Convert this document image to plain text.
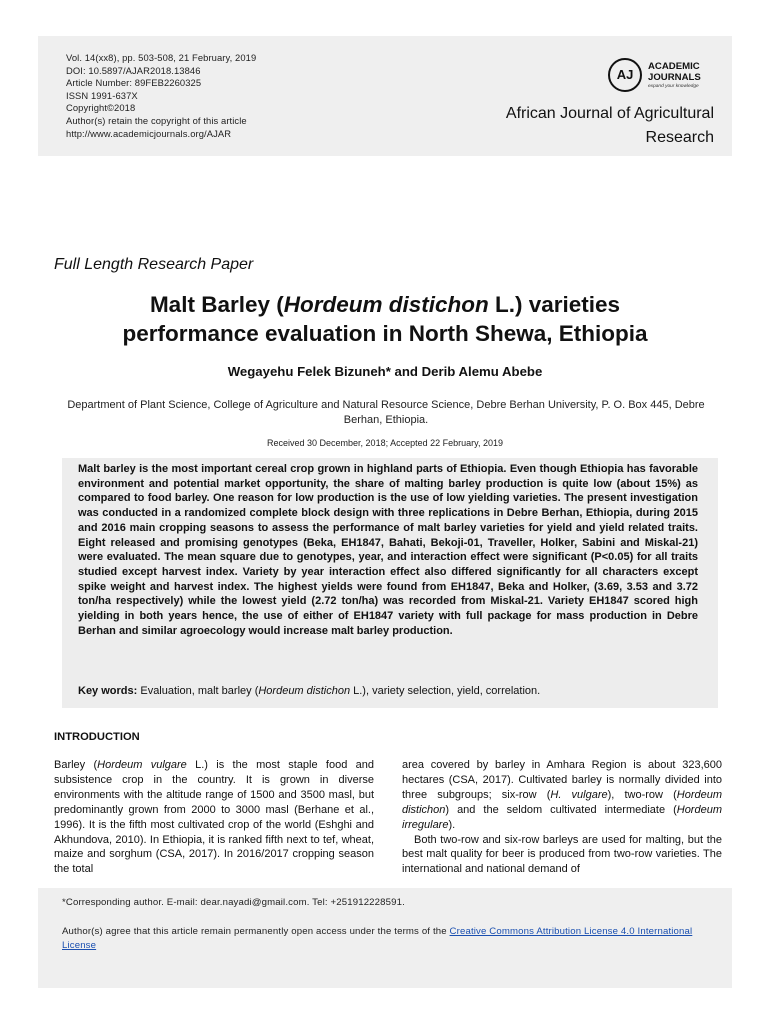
Vol. 14(xx8), pp. 503-508, 21 February, 2019
DOI: 10.5897/AJAR2018.13846
Article Number: 89FEB2260325
ISSN 1991-637X
Copyright©2018
Author(s) retain the copyright of this article
http://www.academicjournals.org/AJAR
AJ
ACADEMIC
JOURNALS
expand your knowledge
African Journal of Agricultural
Research
Full Length Research Paper
Malt Barley (Hordeum distichon L.) varieties
performance evaluation in North Shewa, Ethiopia
Wegayehu Felek Bizuneh* and Derib Alemu Abebe
Department of Plant Science, College of Agriculture and Natural Resource Science, Debre Berhan University, P. O. Box 445, Debre Berhan, Ethiopia.
Received 30 December, 2018; Accepted 22 February, 2019
Malt barley is the most important cereal crop grown in highland parts of Ethiopia. Even though Ethiopia has favorable environment and potential market opportunity, the share of malting barley production is quite low (about 15%) as compared to food barley. One reason for low production is the use of low yielding varieties. The present investigation was conducted in a randomized complete block design with three replications in Debre Berhan, Ethiopia, during 2015 and 2016 main cropping seasons to assess the performance of malt barley varieties for yield and yield related traits. Eight released and promising genotypes (Beka, EH1847, Bahati, Bekoji-01, Traveller, Holker, Sabini and Miskal-21) were evaluated. The mean square due to genotypes, year, and interaction effect were significant (P<0.05) for all traits studied except harvest index. Variety by year interaction effect also differed significantly for all characters except spike weight and harvest index. The highest yields were found from EH1847, Beka and Holker, (3.69, 3.53 and 3.72 ton/ha respectively) while the lowest yield (2.72 ton/ha) was recorded from Miskal-21. Variety EH1847 scored high yielding in both years hence, the use of either of EH1847 variety with full package for mass production in Debre Berhan and similar agroecology would increase malt barley production.
Key words: Evaluation, malt barley (Hordeum distichon L.), variety selection, yield, correlation.
INTRODUCTION

Barley (Hordeum vulgare L.) is the most staple food and subsistence crop in the country. It is grown in diverse environments with the altitude range of 1500 and 3500 masl, but predominantly grown from 2000 to 3000 masl (Berhane et al., 1996). It is the fifth most cultivated crop of the world (Eshghi and Akhundova, 2010). In Ethiopia, it is ranked fifth next to tef, wheat, maize and sorghum (CSA, 2017). In 2016/2017 cropping season the total

area covered by barley in Amhara Region is about 323,600 hectares (CSA, 2017). Cultivated barley is normally divided into three subgroups; six-row (H. vulgare), two-row (Hordeum distichon) and the seldom cultivated intermediate (Hordeum irregulare).

Both two-row and six-row barleys are used for malting, but the best malt quality for beer is produced from two-row varieties. The international and national demand of

*Corresponding author. E-mail: dear.nayadi@gmail.com. Tel: +251912228591.
Author(s) agree that this article remain permanently open access under the terms of the Creative Commons Attribution License 4.0 International License
